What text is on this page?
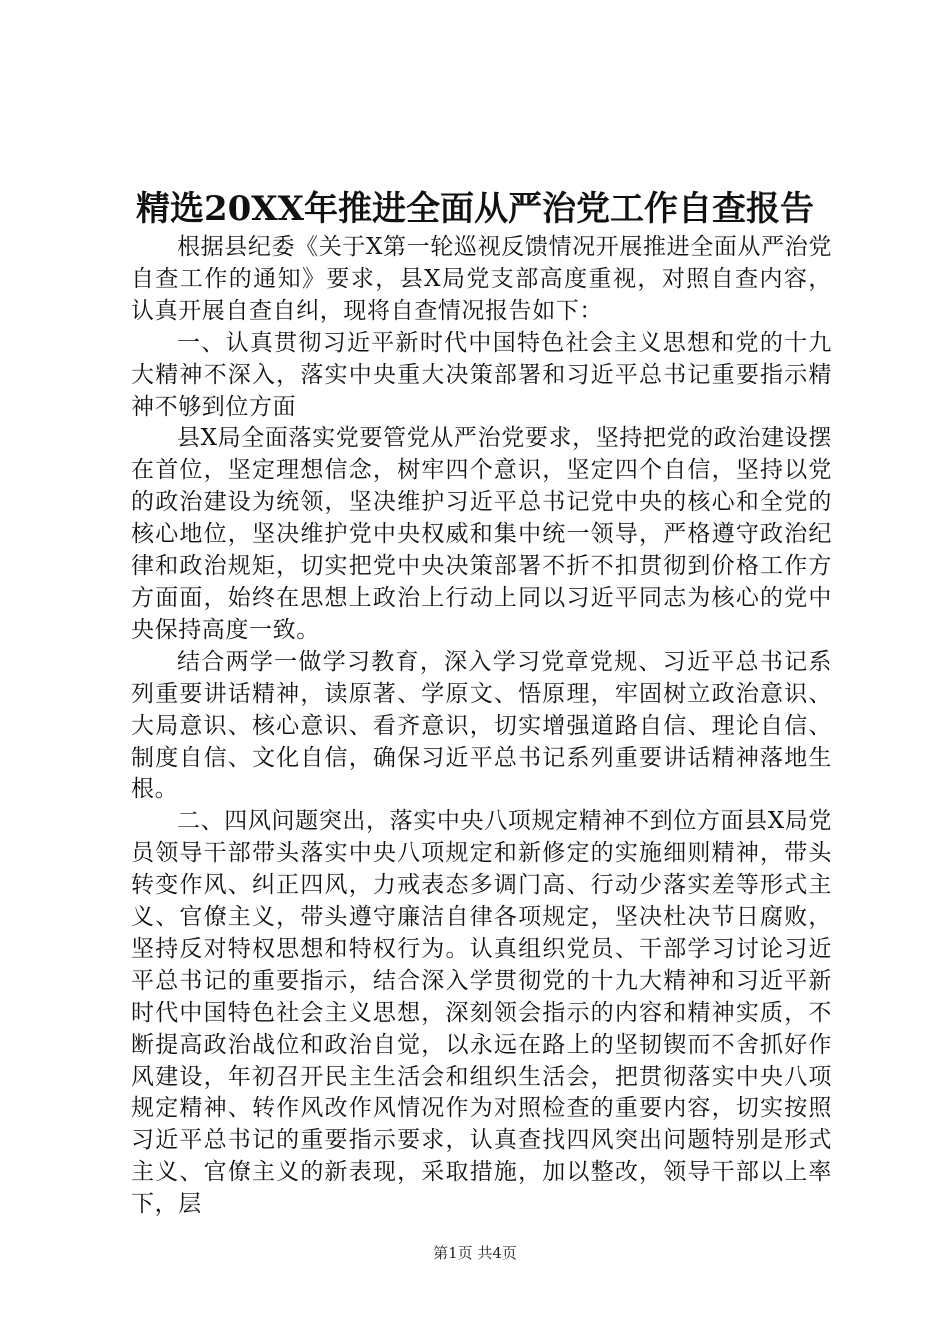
精选20XX年推进全面从严治党工作自查报告

根据县纪委《关于X第一轮巡视反馈情况开展推进全面从严治党自查工作的通知》要求，县X局党支部高度重视，对照自查内容，认真开展自查自纠，现将自查情况报告如下：

一、认真贯彻习近平新时代中国特色社会主义思想和党的十九大精神不深入，落实中央重大决策部署和习近平总书记重要指示精神不够到位方面

县X局全面落实党要管党从严治党要求，坚持把党的政治建设摆在首位，坚定理想信念，树牢四个意识，坚定四个自信，坚持以党的政治建设为统领，坚决维护习近平总书记党中央的核心和全党的核心地位，坚决维护党中央权威和集中统一领导，严格遵守政治纪律和政治规矩，切实把党中央决策部署不折不扣贯彻到价格工作方方面面，始终在思想上政治上行动上同以习近平同志为核心的党中央保持高度一致。

结合两学一做学习教育，深入学习党章党规、习近平总书记系列重要讲话精神，读原著、学原文、悟原理，牢固树立政治意识、大局意识、核心意识、看齐意识，切实增强道路自信、理论自信、制度自信、文化自信，确保习近平总书记系列重要讲话精神落地生根。

二、四风问题突出，落实中央八项规定精神不到位方面县X局党员领导干部带头落实中央八项规定和新修定的实施细则精神，带头转变作风、纠正四风，力戒表态多调门高、行动少落实差等形式主义、官僚主义，带头遵守廉洁自律各项规定，坚决杜决节日腐败，坚持反对特权思想和特权行为。认真组织党员、干部学习讨论习近平总书记的重要指示，结合深入学贯彻党的十九大精神和习近平新时代中国特色社会主义思想，深刻领会指示的内容和精神实质，不断提高政治战位和政治自觉，以永远在路上的坚韧锲而不舍抓好作风建设，年初召开民主生活会和组织生活会，把贯彻落实中央八项规定精神、转作风改作风情况作为对照检查的重要内容，切实按照习近平总书记的重要指示要求，认真查找四风突出问题特别是形式主义、官僚主义的新表现，采取措施，加以整改，领导干部以上率下，层

第1页 共4页
